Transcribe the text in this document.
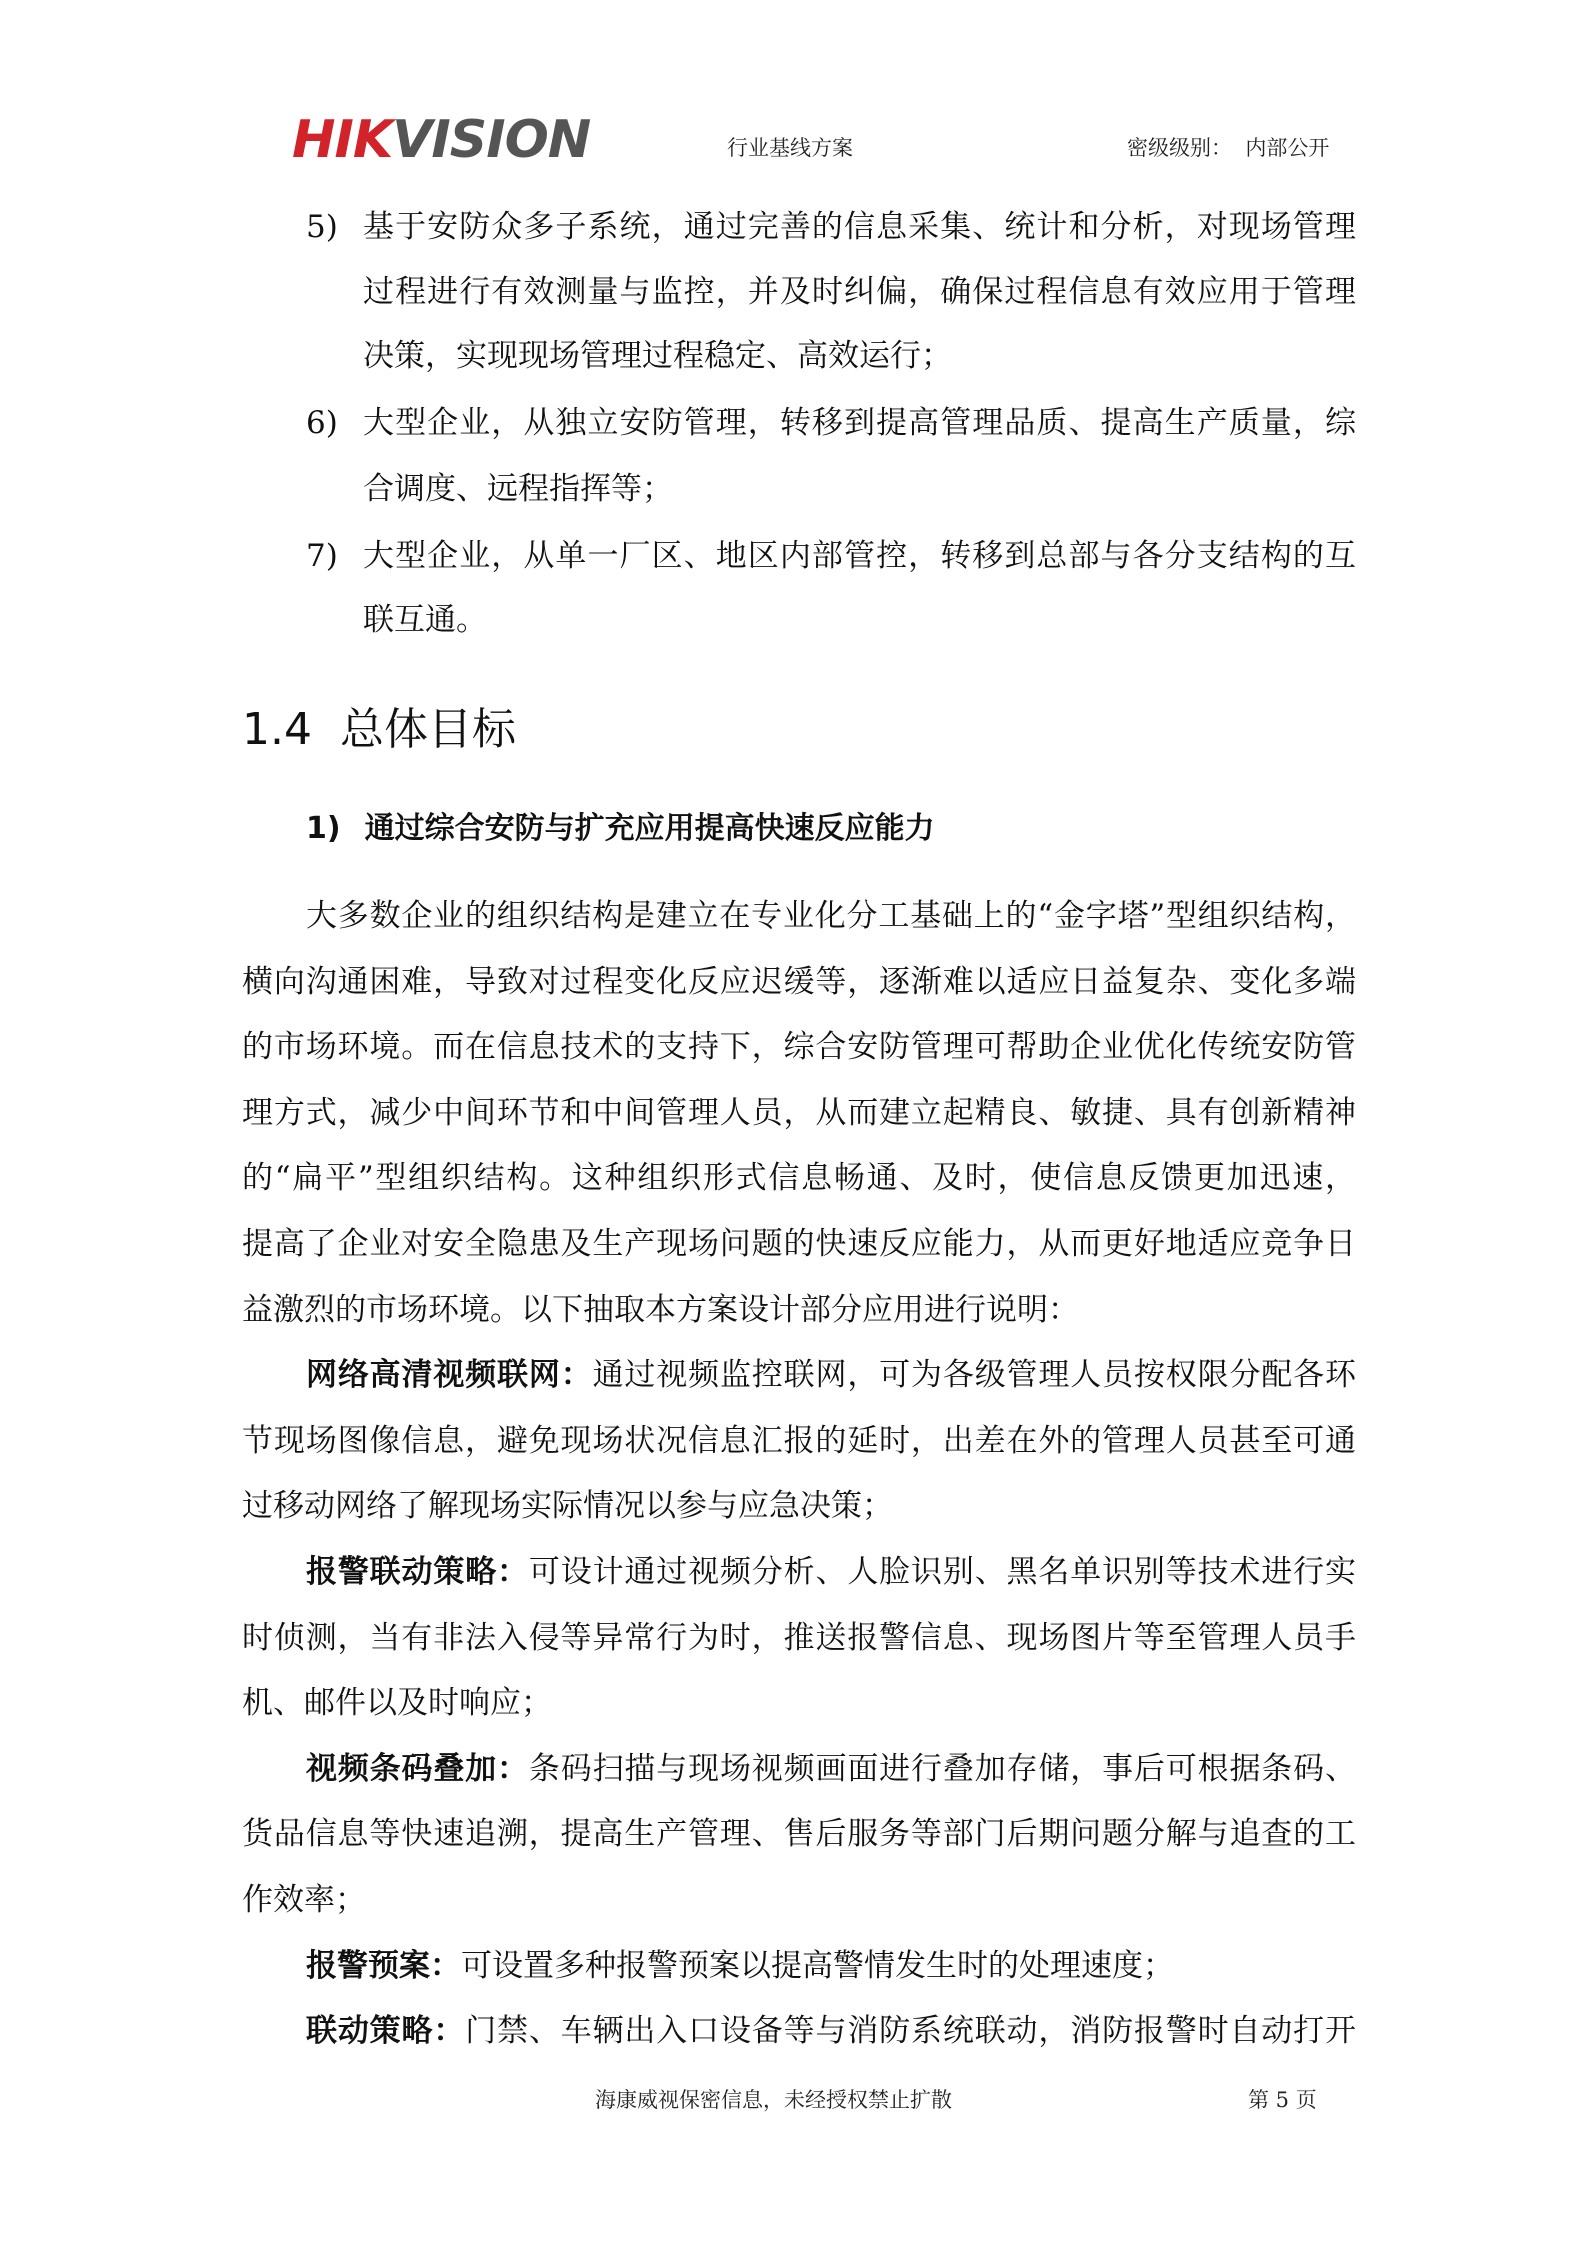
HIKVISION	行业基线方案	密级级别：  内部公开
5) 基于安防众多子系统，通过完善的信息采集、统计和分析，对现场管理
过程进行有效测量与监控，并及时纠偏，确保过程信息有效应用于管理
决策，实现现场管理过程稳定、高效运行；
6) 大型企业，从独立安防管理，转移到提高管理品质、提高生产质量，综
合调度、远程指挥等；
7) 大型企业，从单一厂区、地区内部管控，转移到总部与各分支结构的互
联互通。
大多数企业的组织结构是建立在专业化分工基础上的“金字塔”型组织结构，
横向沟通困难，导致对过程变化反应迟缓等，逐渐难以适应日益复杂、变化多端
的市场环境。而在信息技术的支持下，综合安防管理可帮助企业优化传统安防管
理方式，减少中间环节和中间管理人员，从而建立起精良、敏捷、具有创新精神
的“扁平”型组织结构。这种组织形式信息畅通、及时，使信息反馈更加迅速，
提高了企业对安全隐患及生产现场问题的快速反应能力，从而更好地适应竞争日
益激烈的市场环境。以下抽取本方案设计部分应用进行说明：
网络高清视频联网：通过视频监控联网，可为各级管理人员按权限分配各环
节现场图像信息，避免现场状况信息汇报的延时，出差在外的管理人员甚至可通
过移动网络了解现场实际情况以参与应急决策；
报警联动策略：可设计通过视频分析、人脸识别、黑名单识别等技术进行实
时侦测，当有非法入侵等异常行为时，推送报警信息、现场图片等至管理人员手
机、邮件以及时响应；
视频条码叠加：条码扫描与现场视频画面进行叠加存储，事后可根据条码、
货品信息等快速追溯，提高生产管理、售后服务等部门后期问题分解与追查的工
作效率；
报警预案：可设置多种报警预案以提高警情发生时的处理速度；
联动策略：门禁、车辆出入口设备等与消防系统联动，消防报警时自动打开
1.4 总体目标
1) 通过综合安防与扩充应用提高快速反应能力
海康威视保密信息，未经授权禁止扩散	第 5 页
